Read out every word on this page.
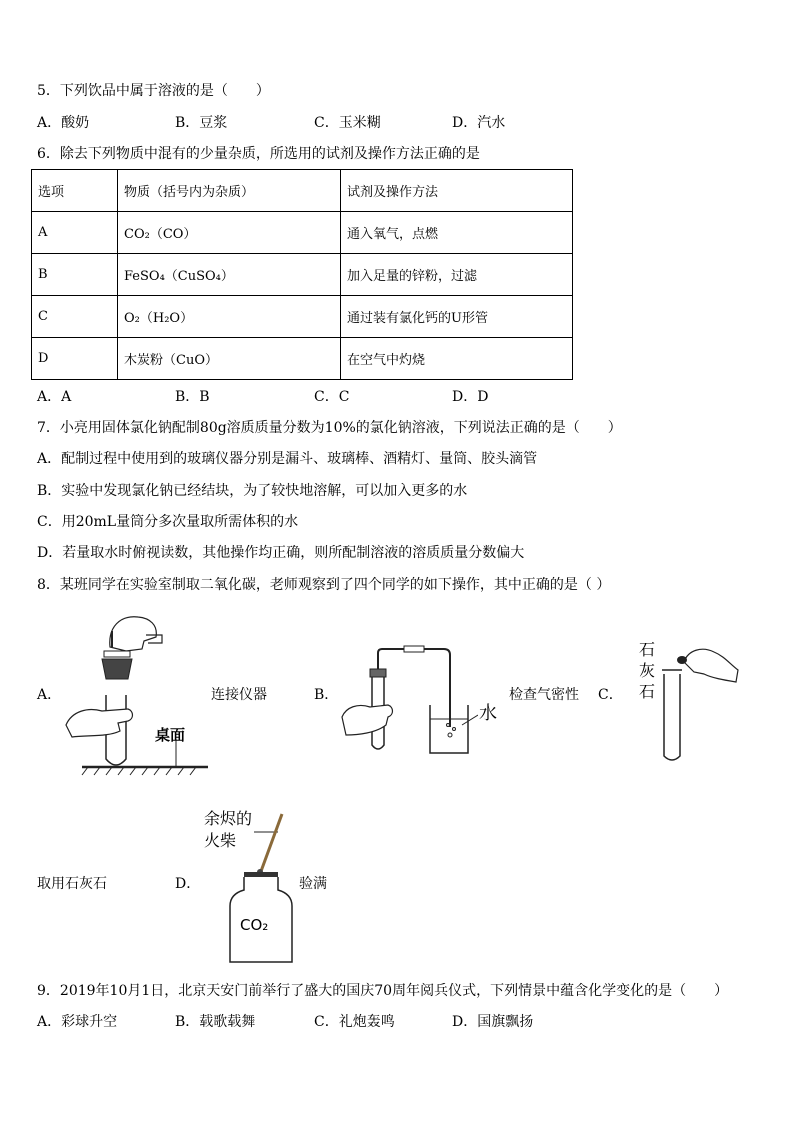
5．下列饮品中属于溶液的是（　　）
A．酸奶	B．豆浆	C．玉米糊	D．汽水
6．除去下列物质中混有的少量杂质，所选用的试剂及操作方法正确的是
选项	物质（括号内为杂质）	试剂及操作方法
A	CO₂（CO）	通入氧气，点燃
B	FeSO₄（CuSO₄）	加入足量的锌粉，过滤
C	O₂（H₂O）	通过装有氯化钙的U形管
D	木炭粉（CuO）	在空气中灼烧
A．A	B．B	C．C	D．D
7．小亮用固体氯化钠配制80g溶质质量分数为10%的氯化钠溶液，下列说法正确的是（　　）
A．配制过程中使用到的玻璃仪器分别是漏斗、玻璃棒、酒精灯、量筒、胶头滴管
B．实验中发现氯化钠已经结块，为了较快地溶解，可以加入更多的水
C．用20mL量筒分多次量取所需体积的水
D．若量取水时俯视读数，其他操作均正确，则所配制溶液的溶质质量分数偏大
8．某班同学在实验室制取二氧化碳，老师观察到了四个同学的如下操作，其中正确的是（ ）
A．
桌面
连接仪器	B．
水
检查气密性 C．
石
灰
石
取用石灰石	D．
余烬的
火柴
CO₂
验满
9．2019年10月1日，北京天安门前举行了盛大的国庆70周年阅兵仪式，下列情景中蕴含化学变化的是（　　）
A．彩球升空	B．载歌载舞	C．礼炮轰鸣	D．国旗飘扬
